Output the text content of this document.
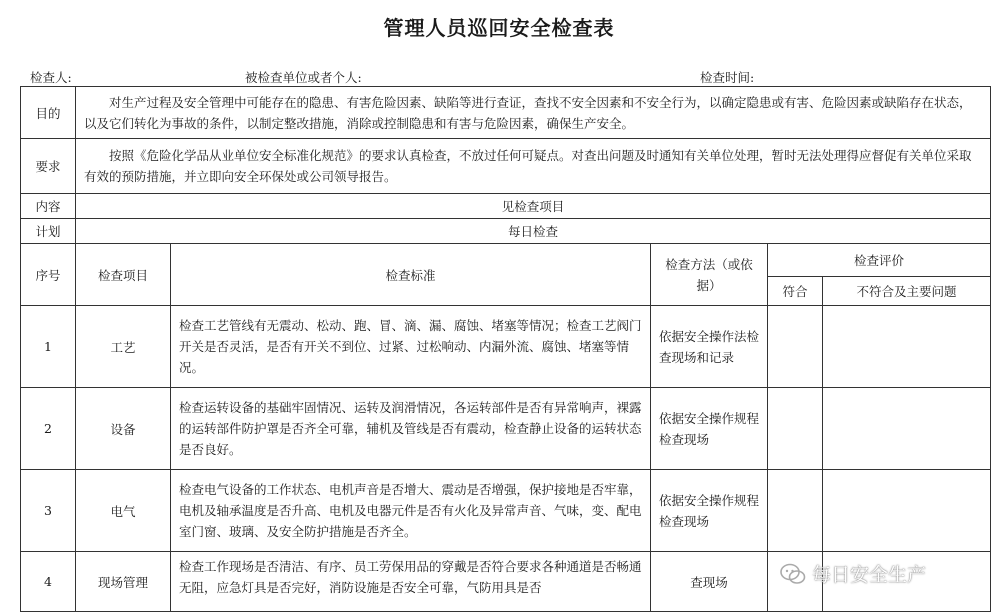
管理人员巡回安全检查表
检查人:	被检查单位或者个人:	检查时间:
目的	对生产过程及安全管理中可能存在的隐患、有害危险因素、缺陷等进行查证，查找不安全因素和不安全行为，以确定隐患或有害、危险因素或缺陷存在状态，以及它们转化为事故的条件，以制定整改措施，消除或控制隐患和有害与危险因素，确保生产安全。				
要求	按照《危险化学品从业单位安全标准化规范》的要求认真检查，不放过任何可疑点。对查出问题及时通知有关单位处理，暂时无法处理得应督促有关单位采取有效的预防措施，并立即向安全环保处或公司领导报告。				
内容	见检查项目				
计划	每日检查				
序号	检查项目	检查标准	检查方法（或依据）	检查评价	
				符合	不符合及主要问题
1	工艺	检查工艺管线有无震动、松动、跑、冒、滴、漏、腐蚀、堵塞等情况；检查工艺阀门开关是否灵活，是否有开关不到位、过紧、过松响动、内漏外流、腐蚀、堵塞等情况。	依据安全操作法检查现场和记录		
2	设备	检查运转设备的基础牢固情况、运转及润滑情况，各运转部件是否有异常响声，裸露的运转部件防护罩是否齐全可靠，辅机及管线是否有震动，检查静止设备的运转状态是否良好。	依据安全操作规程检查现场		
3	电气	检查电气设备的工作状态、电机声音是否增大、震动是否增强，保护接地是否牢靠，电机及轴承温度是否升高、电机及电器元件是否有火化及异常声音、气味，变、配电室门窗、玻璃、及安全防护措施是否齐全。	依据安全操作规程检查现场		
4	现场管理	检查工作现场是否清洁、有序、员工劳保用品的穿戴是否符合要求各种通道是否畅通无阻，应急灯具是否完好，消防设施是否安全可靠，气防用具是否	查现场			每日安全生产
